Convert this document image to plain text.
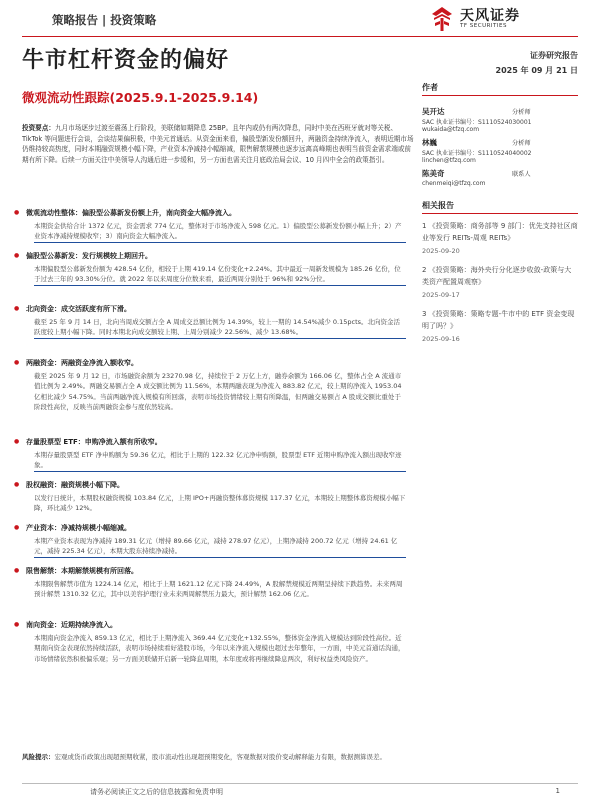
策略报告 | 投资策略	天风证券
TF SECURITIES
牛市杠杆资金的偏好
微观流动性跟踪(2025.9.1-2025.9.14)
证券研究报告
2025 年 09 月 21 日
作者
吴开达	分析师
SAC 执业证书编号：S1110524030001
wukaida@tfzq.com
林巍	分析师
SAC 执业证书编号：S1110524040002
linchen@tfzq.com
陈美奇	联系人
chenmeiqi@tfzq.com
相关报告
1 《投资策略：商务部等 9 部门：优先支持社区商业等发行 REITs-周观 REITs》
2025-09-20
2 《投资策略：海外央行分化逐步收敛-政策与大类资产配置周观察》
2025-09-17
3 《投资策略：策略专题-牛市中的 ETF 资金变现明了吗？》
2025-09-16
投资要点：九月市场逐步过渡至震荡上行阶段，美联储如期降息 25BP。且年内或仍有两次降息，同时中美在西班牙就对等关税、TikTok 等问题进行会谈，会谈结果偏积极，中美元首通话。从资金面来看，偏股型新发份额回升，两融资金持续净流入，表明近期市场仍维持较高热度，同时本期融资规模小幅下降，产业资本净减持小幅缩减，限售解禁规模也逐步远离高峰期也表明当前资金需求端或前期有所下降。后续一方面关注中美领导人沟通后进一步缓和，另一方面也需关注月底政治局会议、10 月四中全会的政策指引。
● 微观流动性整体：偏股型公募新发份额上升，南向资金大幅净流入。
本期资金供给合计 1372 亿元，资金需求 774 亿元，整体对于市场净流入 598 亿元。1）偏股型公募新发份额小幅上升；2）产业资本净减持规模收窄；3）南向资金大幅净流入。
● 偏股型公募新发：发行规模较上期回升。
本期偏股型公募新发份额为 428.54 亿份，相较于上期 419.14 亿份变化+2.24%。其中最近一周新发规模为 185.26 亿份，位于过去三年的 93.30%分位。就 2022 年以来周度分位数来看，最近两周分别处于 96%和 92%分位。
● 北向资金：成交活跃度有所下滑。
截至 25 年 9 月 14 日，北向当周成交额占全 A 周成交总额比例为 14.39%，较上一期的 14.54%减少 0.15pcts。北向资金活跃度较上期小幅下降。同时本期北向成交额较上期、上周分别减少 22.56%、减少 13.68%。
● 两融资金：两融资金净流入额收窄。
截至 2025 年 9 月 12 日，市场融资余额为 23270.98 亿，持续位于 2 万亿上方，融券余额为 166.06 亿，整体占全 A 流通市值比例为 2.49%。两融交易额占全 A 成交额比例为 11.56%，本期两融表现为净流入 883.82 亿元，较上期的净流入 1953.04 亿相比减少 54.75%。当前两融净流入规模有所回落，表明市场投资情绪较上期有所降温，但两融交易额占 A 股成交额比重处于阶段性高位，反映当前两融资金参与度依然较高。
● 存量股票型 ETF：申购净流入额有所收窄。
本期存量股票型 ETF 净申购额为 59.36 亿元，相比于上期的 122.32 亿元净申购额，股票型 ETF 近期申购净流入额出现收窄迹象。
● 股权融资：融资规模小幅下降。
以发行日统计，本期股权融资规模 103.84 亿元，上期 IPO+再融资整体募资规模 117.37 亿元，本期较上期整体募资规模小幅下降，环比减少 12%。
● 产业资本：净减持规模小幅缩减。
本期产业资本表现为净减持 189.31 亿元（增持 89.66 亿元，减持 278.97 亿元），上期净减持 200.72 亿元（增持 24.61 亿元，减持 225.34 亿元），本期大股东持续净减持。
● 限售解禁：本期解禁规模有所回落。
本期限售解禁市值为 1224.14 亿元，相比于上期 1621.12 亿元下降 24.49%，A 股解禁规模近两期呈持续下跌趋势。未来两周预计解禁 1310.32 亿元，其中以美容护理行业未来两周解禁压力最大，预计解禁 162.06 亿元。
● 南向资金：近期持续净流入。
本期南向资金净流入 859.13 亿元，相比于上期净流入 369.44 亿元变化+132.55%，整体资金净流入规模达到阶段性高位。近期南向资金表现依然持续活跃，表明市场持续看好港股市场，今年以来净流入规模也超过去年整年，一方面，中美元首通话沟通，市场情绪依然积极偏乐观；另一方面美联储开启新一轮降息周期，本年度或将再继续降息两次，利好权益类风险资产。
风险提示：宏观或货币政策出现超预期收紧，股市流动性出现超预期变化，客观数据对股价变动解释能力有限，数据测算误差。
请务必阅读正文之后的信息披露和免责申明	1
